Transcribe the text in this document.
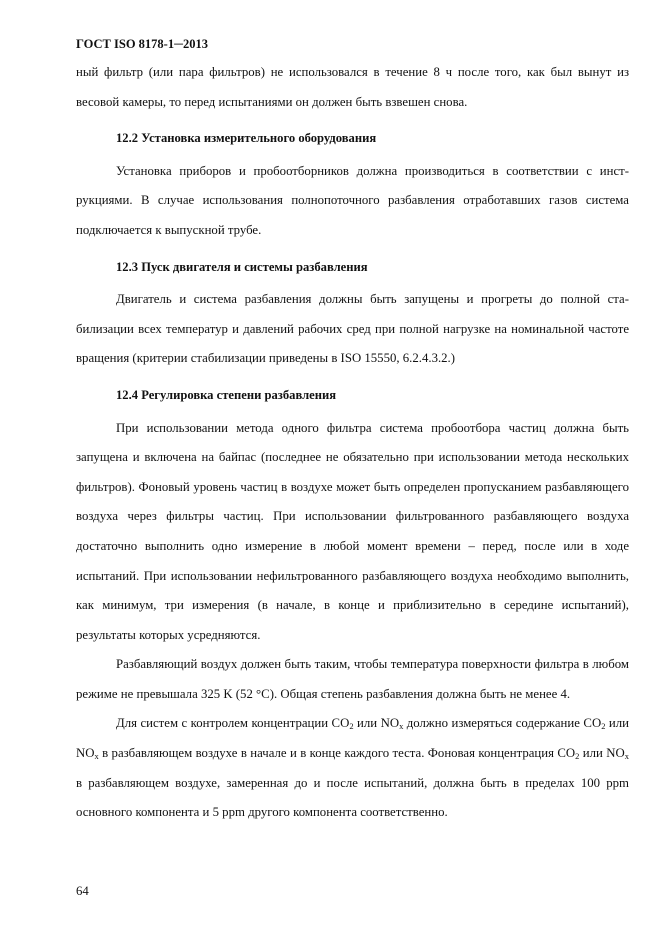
ГОСТ ISO 8178-1─2013

ный фильтр (или пара фильтров) не использовался в течение 8 ч после того, как был вынут из весовой камеры, то перед испытаниями он должен быть взвешен снова.

12.2 Установка измерительного оборудования

Установка приборов и пробоотборников должна производиться в соответствии с инструкциями. В случае использования полнопоточного разбавления отработавших газов система подключается к выпускной трубе.

12.3 Пуск двигателя и системы разбавления

Двигатель и система разбавления должны быть запущены и прогреты до полной стабилизации всех температур и давлений рабочих сред при полной нагрузке на номинальной частоте вращения (критерии стабилизации приведены в ISO 15550, 6.2.4.3.2.)

12.4 Регулировка степени разбавления

При использовании метода одного фильтра система пробоотбора частиц должна быть запущена и включена на байпас (последнее не обязательно при использовании метода нескольких фильтров). Фоновый уровень частиц в воздухе может быть определен пропусканием разбавляющего воздуха через фильтры частиц. При использовании фильтрованного разбавляющего воздуха достаточно выполнить одно измерение в любой момент времени – перед, после или в ходе испытаний. При использовании нефильтрованного разбавляющего воздуха необходимо выполнить, как минимум, три измерения (в начале, в конце и приблизительно в середине испытаний), результаты которых усредняются.

Разбавляющий воздух должен быть таким, чтобы температура поверхности фильтра в любом режиме не превышала 325 K (52 °C). Общая степень разбавления должна быть не менее 4.

Для систем с контролем концентрации $CO_2$ или $NO_x$ должно измеряться содержание $CO_2$ или $NO_x$ в разбавляющем воздухе в начале и в конце каждого теста. Фоновая концентрация $CO_2$ или $NO_x$ в разбавляющем воздухе, замеренная до и после испытаний, должна быть в пределах 100 ppm основного компонента и 5 ppm другого компонента соответственно.

64
